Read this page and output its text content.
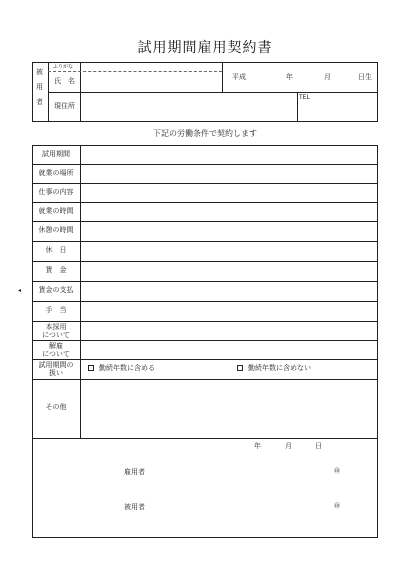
試用期間雇用契約書
被
用
者
ふりがな
氏　名
現住所
平成	年	月	日生
TEL
下記の労働条件で契約します
◂
試用期間
就業の場所
仕事の内容
就業の時間
休憩の時間
休　日
賃　金
賃金の支払
手　当
本採用
について
解雇
について
試用期間の
扱い
勤続年数に含める	勤続年数に含めない
その他
年	月	日
雇用者	㊞
被用者	㊞
